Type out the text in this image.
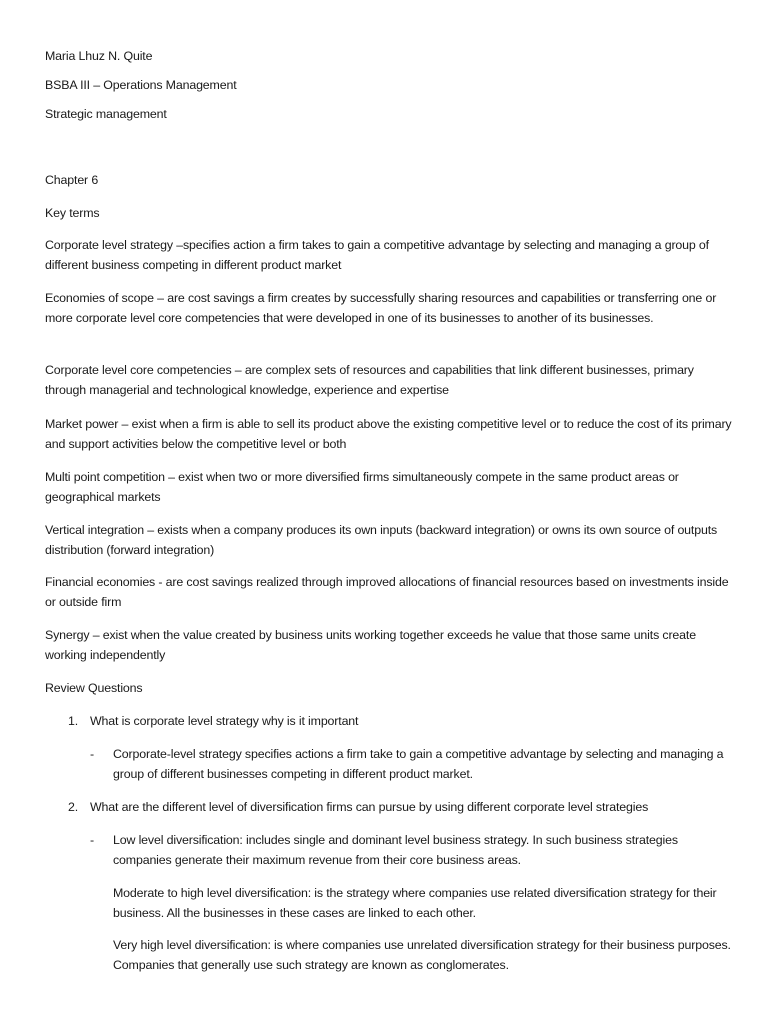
Maria Lhuz N. Quite
BSBA III – Operations Management
Strategic management
Chapter 6
Key terms
Corporate level strategy –specifies action a firm takes to gain a competitive advantage by selecting and managing a group of different business competing in different product market
Economies of scope – are cost savings a firm creates by successfully sharing resources and capabilities or transferring one or more corporate level core competencies that were developed in one of its businesses to another of its businesses.
Corporate level core competencies – are complex sets of resources and capabilities that link different businesses, primary through managerial and technological knowledge, experience and expertise
Market power – exist when a firm is able to sell its product above the existing competitive level or to reduce the cost of its primary and support activities below the competitive level or both
Multi point competition – exist when two or more diversified firms simultaneously compete in the same product areas or geographical markets
Vertical integration – exists when a company produces its own inputs (backward integration) or owns its own source of outputs distribution (forward integration)
Financial economies - are cost savings realized through improved allocations of financial resources based on investments inside or outside firm
Synergy – exist when the value created by business units working together exceeds he value that those same units create working independently
Review Questions
1. What is corporate level strategy why is it important
- Corporate-level strategy specifies actions a firm take to gain a competitive advantage by selecting and managing a group of different businesses competing in different product market.
2. What are the different level of diversification firms can pursue by using different corporate level strategies
- Low level diversification: includes single and dominant level business strategy. In such business strategies companies generate their maximum revenue from their core business areas.
Moderate to high level diversification: is the strategy where companies use related diversification strategy for their business. All the businesses in these cases are linked to each other.
Very high level diversification: is where companies use unrelated diversification strategy for their business purposes. Companies that generally use such strategy are known as conglomerates.
